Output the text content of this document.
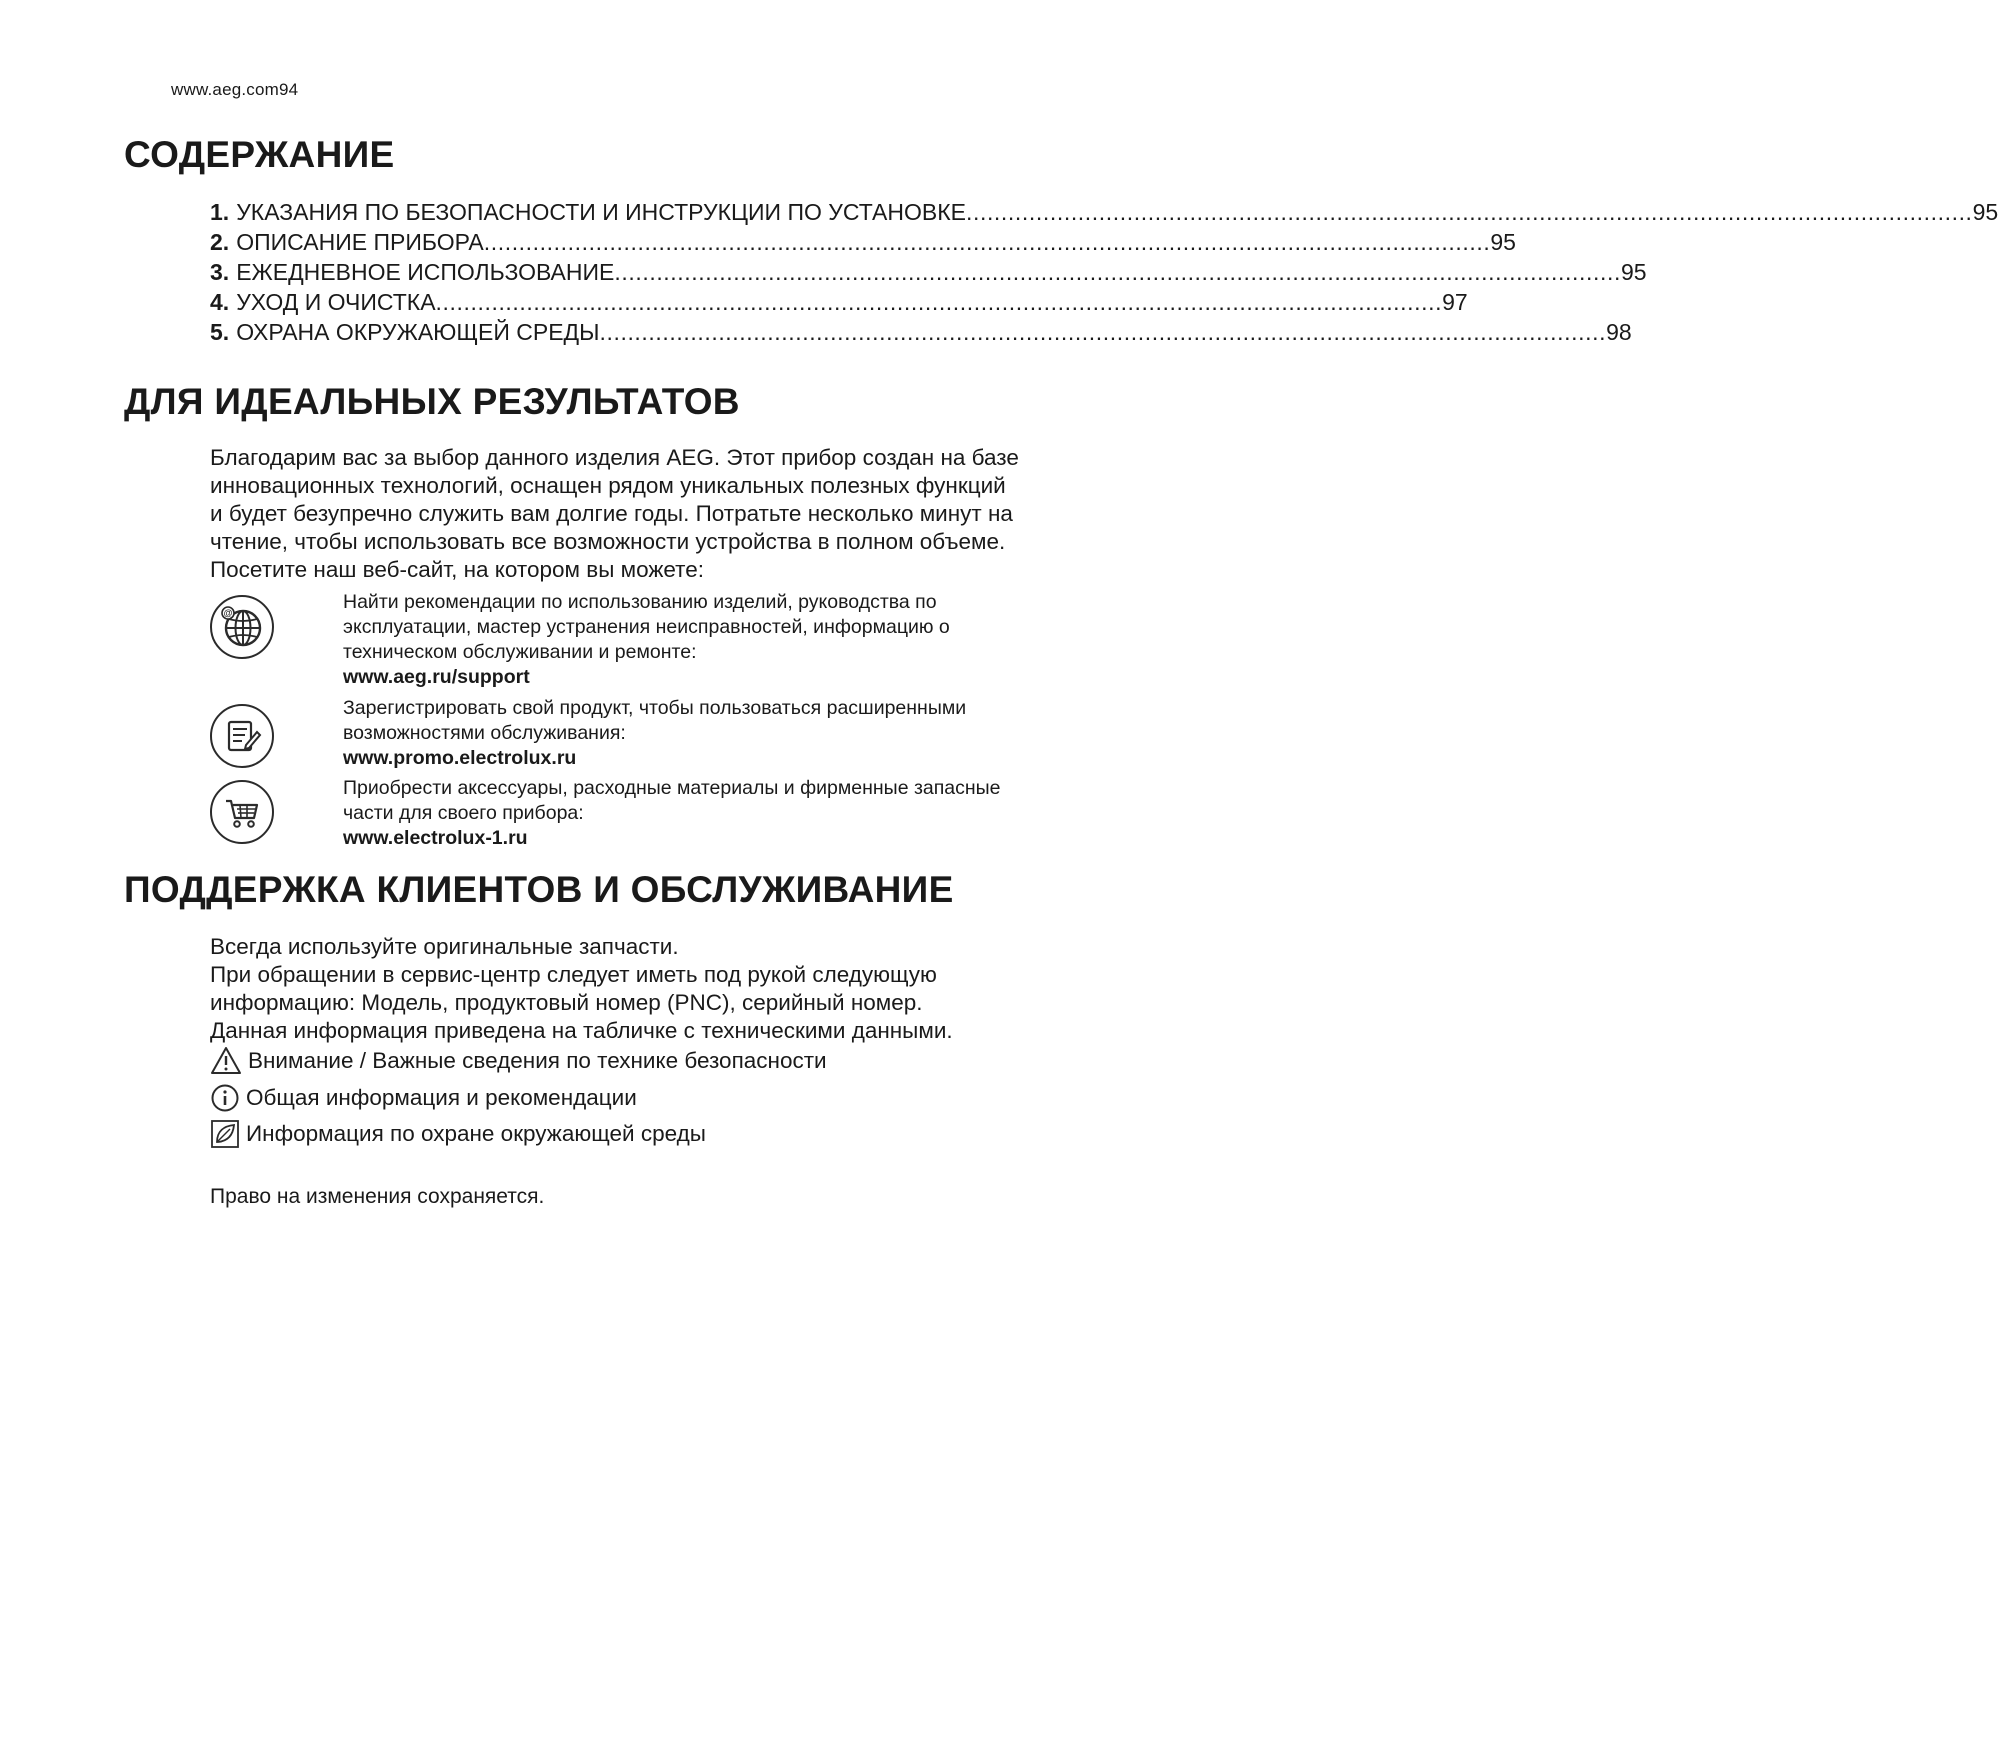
www.aeg.com94
СОДЕРЖАНИЕ
1. УКАЗАНИЯ ПО БЕЗОПАСНОСТИ И ИНСТРУКЦИИ ПО УСТАНОВКЕ ................................................................................................................................................ 95
2. ОПИСАНИЕ ПРИБОРА ................................................................................................................................................ 95
3. ЕЖЕДНЕВНОЕ ИСПОЛЬЗОВАНИЕ ................................................................................................................................................ 95
4. УХОД И ОЧИСТКА ................................................................................................................................................ 97
5. ОХРАНА ОКРУЖАЮЩЕЙ СРЕДЫ ................................................................................................................................................ 98
ДЛЯ ИДЕАЛЬНЫХ РЕЗУЛЬТАТОВ

Благодарим вас за выбор данного изделия AEG. Этот прибор создан на базе

инновационных технологий, оснащен рядом уникальных полезных функций

и будет безупречно служить вам долгие годы. Потратьте несколько минут на

чтение, чтобы использовать все возможности устройства в полном объеме.

Посетите наш веб-сайт, на котором вы можете:

@	Найти рекомендации по использованию изделий, руководства по
эксплуатации, мастер устранения неисправностей, информацию о
техническом обслуживании и ремонте:
www.aeg.ru/support
Зарегистрировать свой продукт, чтобы пользоваться расширенными
возможностями обслуживания:
www.promo.electrolux.ru
Приобрести аксессуары, расходные материалы и фирменные запасные
части для своего прибора:
www.electrolux-1.ru
ПОДДЕРЖКА КЛИЕНТОВ И ОБСЛУЖИВАНИЕ

Всегда используйте оригинальные запчасти.

При обращении в сервис-центр следует иметь под рукой следующую

информацию: Модель, продуктовый номер (PNC), серийный номер.

Данная информация приведена на табличке с техническими данными.

Внимание / Важные сведения по технике безопасности
Общая информация и рекомендации
Информация по охране окружающей среды
Право на изменения сохраняется.
